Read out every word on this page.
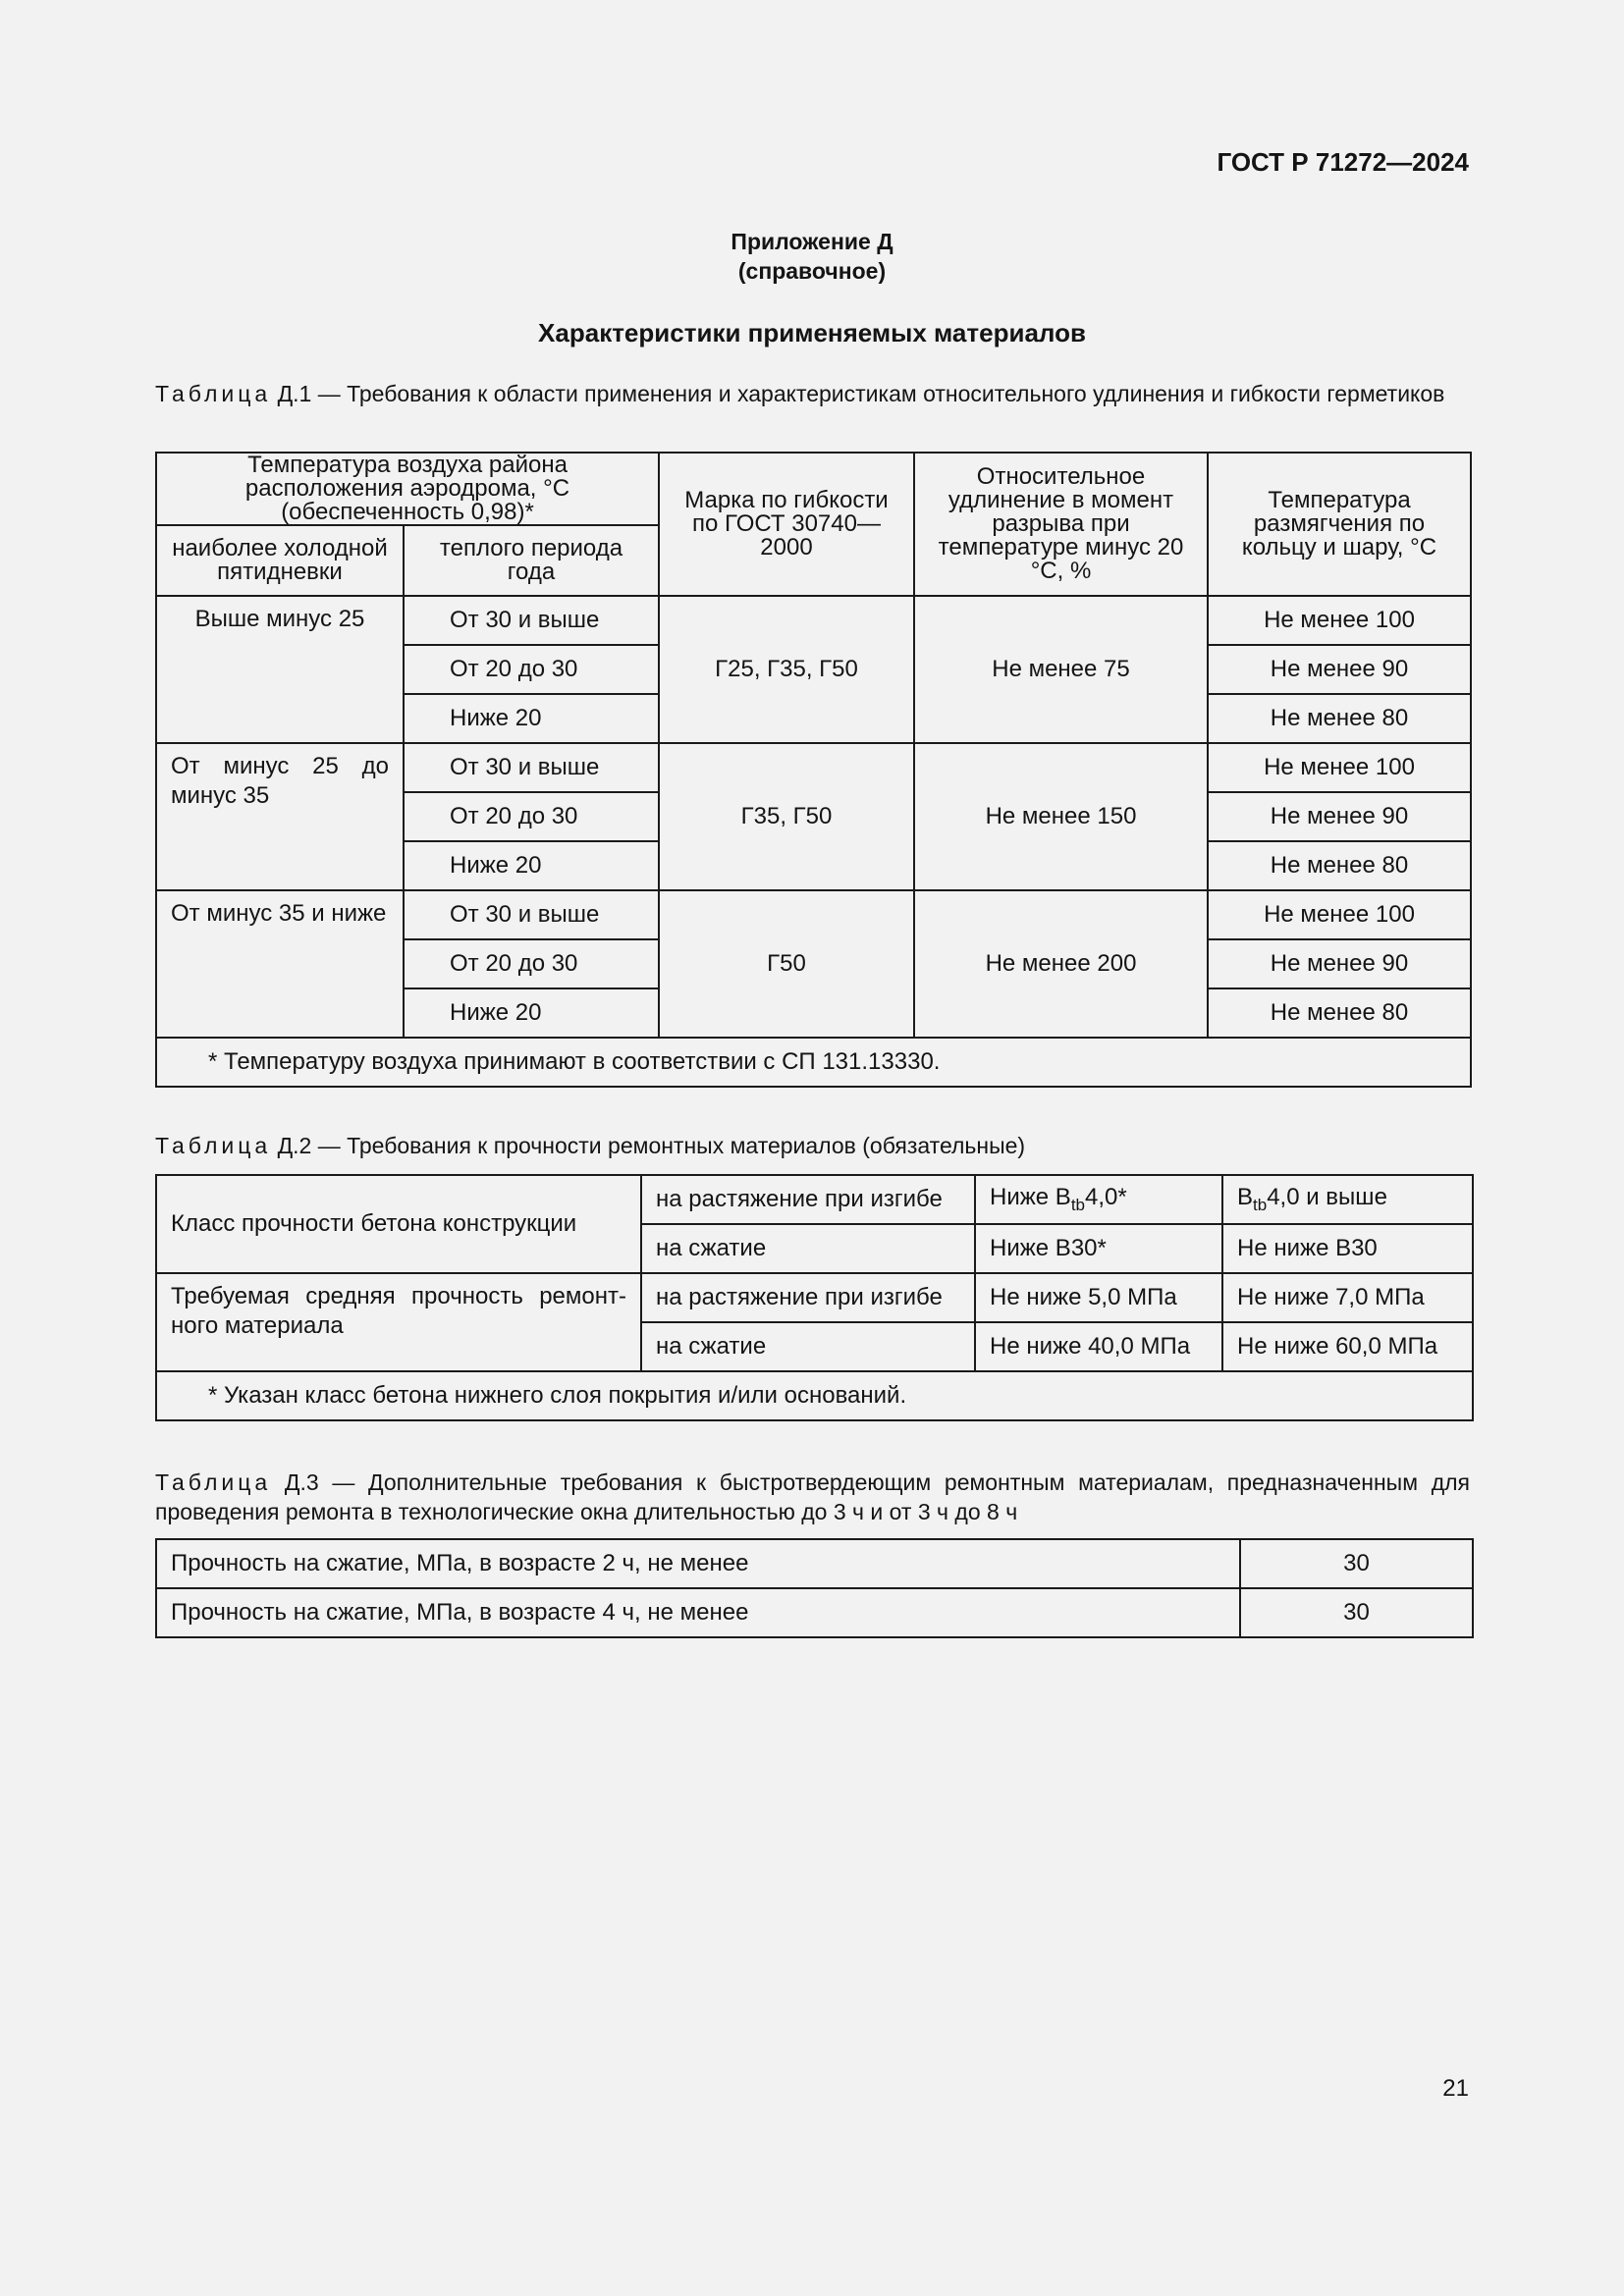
ГОСТ Р 71272—2024
Приложение Д
(справочное)
Характеристики применяемых материалов
Таблица Д.1 — Требования к области применения и характеристикам относительного удлинения и гибкости герметиков
Температура воздуха района расположения аэродрома, °С (обеспеченность 0,98)*		Марка по гибкости по ГОСТ 30740—2000	Относительное удлинение в момент разрыва при температуре минус 20 °С, %	Температура размягчения по кольцу и шару, °С
наиболее холодной пятидневки	теплого периода года			
Выше минус 25	От 30 и выше	Г25, Г35, Г50	Не менее 75	Не менее 100
	От 20 до 30			Не менее 90
	Ниже 20			Не менее 80
От минус 25 до минус 35	От 30 и выше	Г35, Г50	Не менее 150	Не менее 100
	От 20 до 30			Не менее 90
	Ниже 20			Не менее 80
От минус 35 и ниже	От 30 и выше	Г50	Не менее 200	Не менее 100
	От 20 до 30			Не менее 90
	Ниже 20			Не менее 80
* Температуру воздуха принимают в соответствии с СП 131.13330.				
Таблица Д.2 — Требования к прочности ремонтных материалов (обязательные)
Класс прочности бетона конструкции	на растяжение при изгибе	Ниже $B_{tb}4,0*$	$B_{tb}4,0$ и выше
	на сжатие	Ниже B30*	Не ниже B30
Требуемая средняя прочность ремонтного материала	на растяжение при изгибе	Не ниже 5,0 МПа	Не ниже 7,0 МПа
	на сжатие	Не ниже 40,0 МПа	Не ниже 60,0 МПа
* Указан класс бетона нижнего слоя покрытия и/или оснований.			
Таблица Д.3 — Дополнительные требования к быстротвердеющим ремонтным материалам, предназначенным для проведения ремонта в технологические окна длительностью до 3 ч и от 3 ч до 8 ч
Прочность на сжатие, МПа, в возрасте 2 ч, не менее	30
Прочность на сжатие, МПа, в возрасте 4 ч, не менее	30
21
